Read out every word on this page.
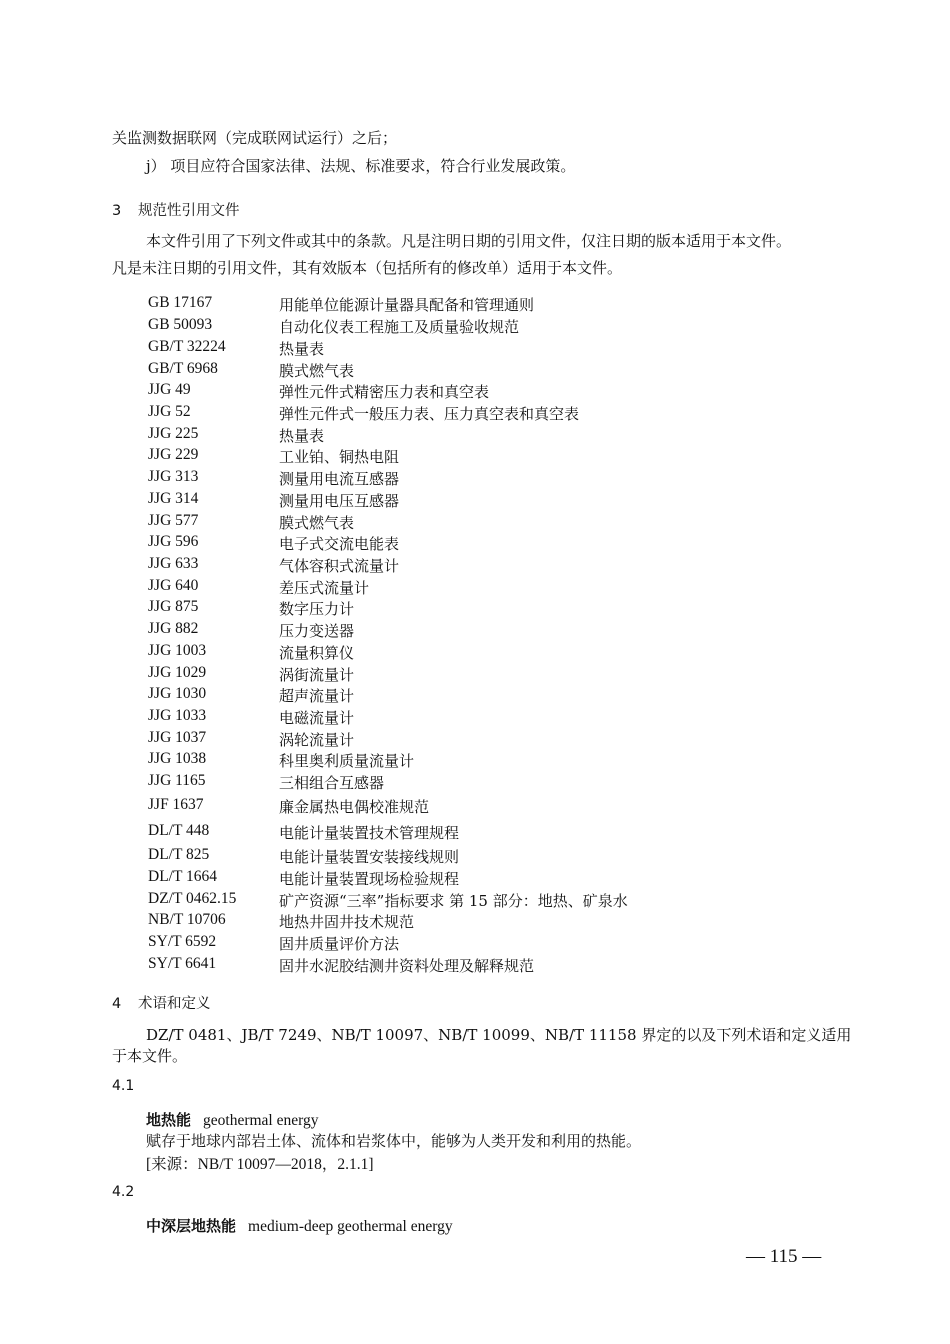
关监测数据联网（完成联网试运行）之后；
j） 项目应符合国家法律、法规、标准要求，符合行业发展政策。
3 规范性引用文件
本文件引用了下列文件或其中的条款。凡是注明日期的引用文件，仅注日期的版本适用于本文件。
凡是未注日期的引用文件，其有效版本（包括所有的修改单）适用于本文件。
GB 17167	用能单位能源计量器具配备和管理通则
GB 50093	自动化仪表工程施工及质量验收规范
GB/T 32224	热量表
GB/T 6968	膜式燃气表
JJG 49	弹性元件式精密压力表和真空表
JJG 52	弹性元件式一般压力表、压力真空表和真空表
JJG 225	热量表
JJG 229	工业铂、铜热电阻
JJG 313	测量用电流互感器
JJG 314	测量用电压互感器
JJG 577	膜式燃气表
JJG 596	电子式交流电能表
JJG 633	气体容积式流量计
JJG 640	差压式流量计
JJG 875	数字压力计
JJG 882	压力变送器
JJG 1003	流量积算仪
JJG 1029	涡街流量计
JJG 1030	超声流量计
JJG 1033	电磁流量计
JJG 1037	涡轮流量计
JJG 1038	科里奥利质量流量计
JJG 1165	三相组合互感器
JJF 1637	廉金属热电偶校准规范
DL/T 448	电能计量装置技术管理规程
DL/T 825	电能计量装置安装接线规则
DL/T 1664	电能计量装置现场检验规程
DZ/T 0462.15	矿产资源“三率”指标要求 第 15 部分：地热、矿泉水
NB/T 10706	地热井固井技术规范
SY/T 6592	固井质量评价方法
SY/T 6641	固井水泥胶结测井资料处理及解释规范
4 术语和定义
DZ/T 0481、JB/T 7249、NB/T 10097、NB/T 10099、NB/T 11158 界定的以及下列术语和定义适用
于本文件。
4.1
地热能 geothermal energy
赋存于地球内部岩土体、流体和岩浆体中，能够为人类开发和利用的热能。
[来源：NB/T 10097—2018，2.1.1]
4.2
中深层地热能 medium-deep geothermal energy
— 115 —
